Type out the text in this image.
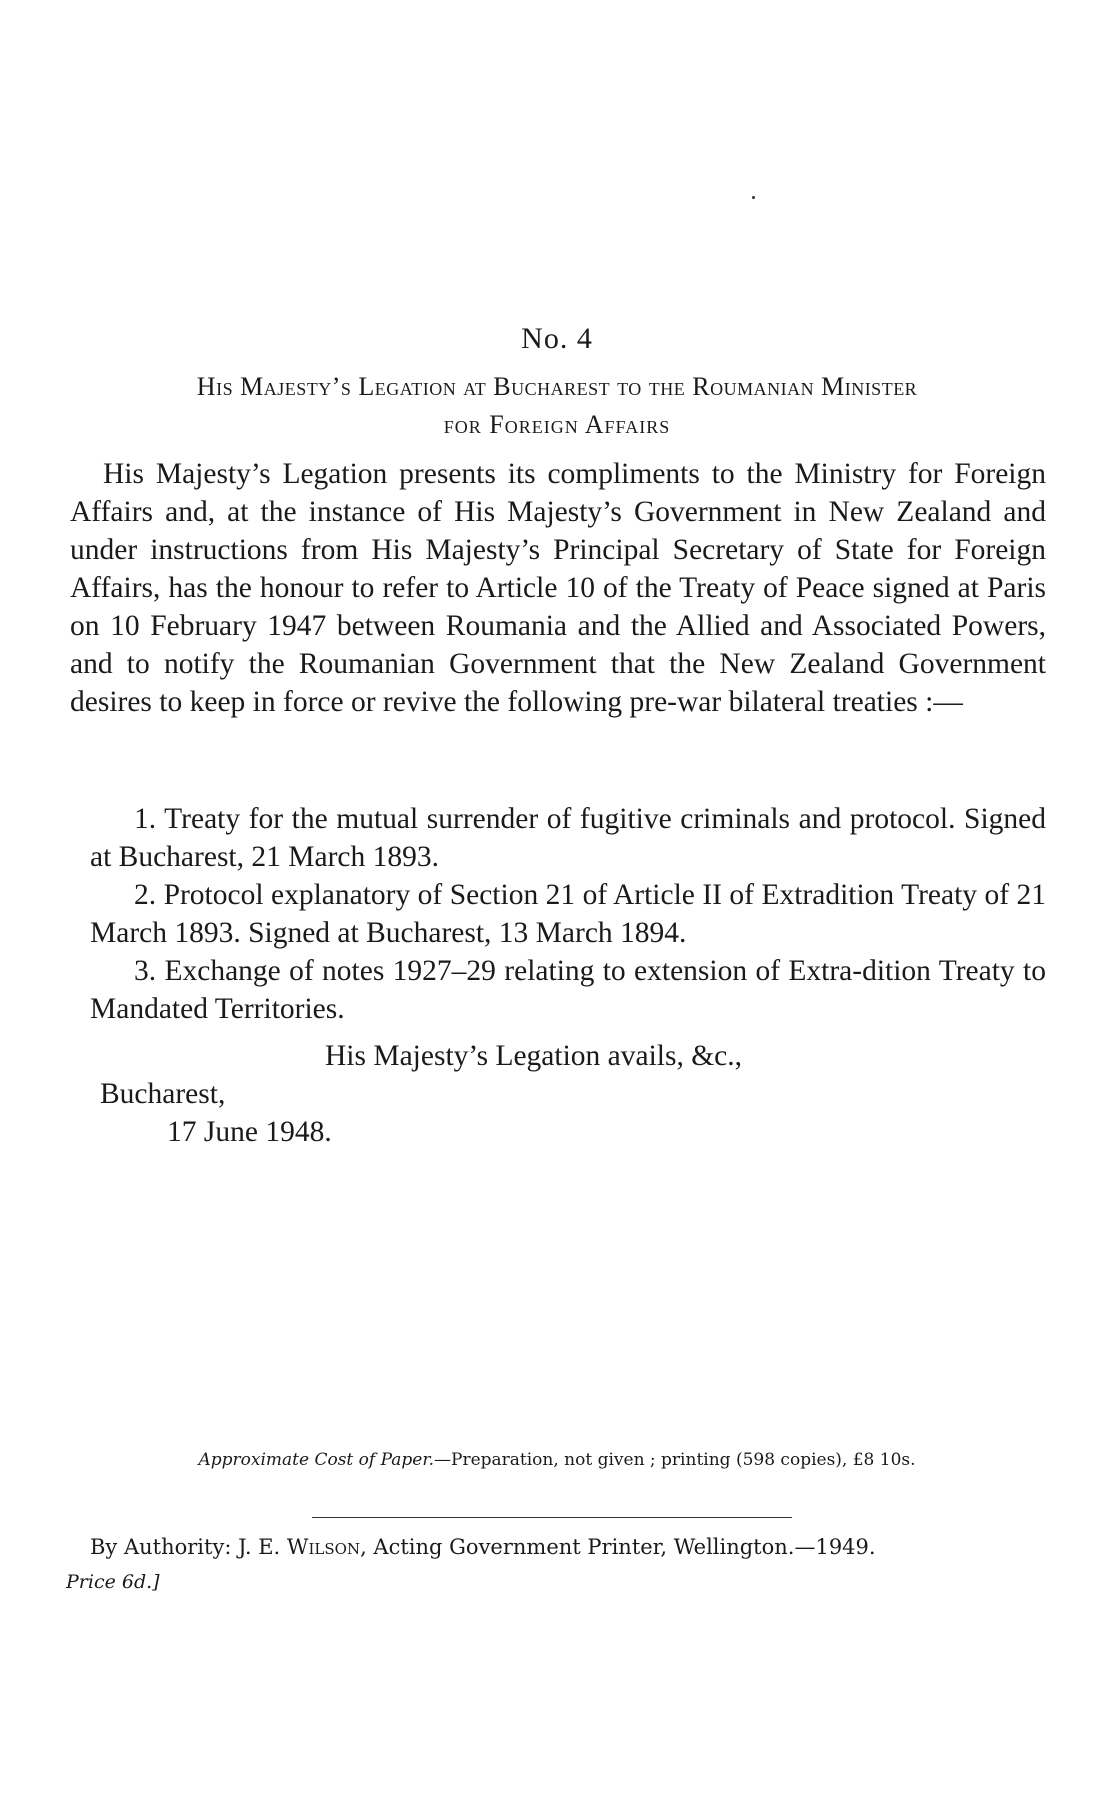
No. 4
His Majesty’s Legation at Bucharest to the Roumanian Minister
for Foreign Affairs

His Majesty’s Legation presents its compliments to the Ministry for Foreign Affairs and, at the instance of His Majesty’s Government in New Zealand and under instructions from His Majesty’s Principal Secretary of State for Foreign Affairs, has the honour to refer to Article 10 of the Treaty of Peace signed at Paris on 10 February 1947 between Roumania and the Allied and Associated Powers, and to notify the Roumanian Government that the New Zealand Government desires to keep in force or revive the following pre-war bilateral treaties :—

1. Treaty for the mutual surrender of fugitive criminals and protocol. Signed at Bucharest, 21 March 1893.

2. Protocol explanatory of Section 21 of Article II of Extradition Treaty of 21 March 1893. Signed at Bucharest, 13 March 1894.

3. Exchange of notes 1927–29 relating to extension of Extra-dition Treaty to Mandated Territories.

His Majesty’s Legation avails, &c.,
Bucharest,
17 June 1948.
Approximate Cost of Paper.—Preparation, not given ; printing (598 copies), £8 10s.
By Authority: J. E. Wilson, Acting Government Printer, Wellington.—1949.
Price 6d.]
